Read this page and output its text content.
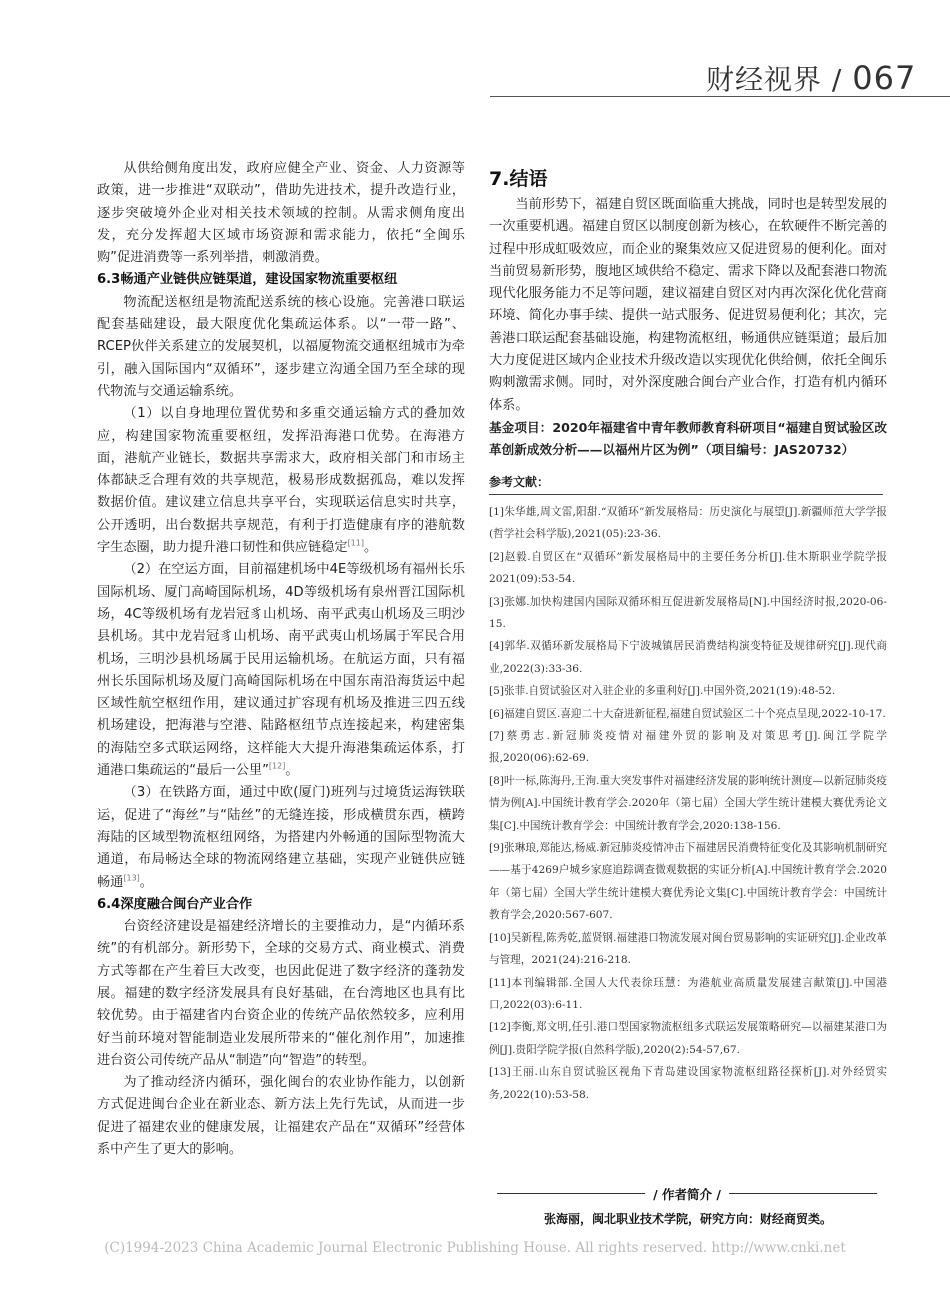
财经视界 / 067

从供给侧角度出发，政府应健全产业、资金、人力资源等政策，进一步推进“双联动”，借助先进技术，提升改造行业，逐步突破境外企业对相关技术领域的控制。从需求侧角度出发，充分发挥超大区域市场资源和需求能力，依托“全闽乐购”促进消费等一系列举措，刺激消费。

6.3畅通产业链供应链渠道，建设国家物流重要枢纽

物流配送枢纽是物流配送系统的核心设施。完善港口联运配套基础建设，最大限度优化集疏运体系。以“一带一路”、RCEP伙伴关系建立的发展契机，以福厦物流交通枢纽城市为牵引，融入国际国内“双循环”，逐步建立沟通全国乃至全球的现代物流与交通运输系统。

（1）以自身地理位置优势和多重交通运输方式的叠加效应，构建国家物流重要枢纽，发挥沿海港口优势。在海港方面，港航产业链长，数据共享需求大，政府相关部门和市场主体都缺乏合理有效的共享规范，极易形成数据孤岛，难以发挥数据价值。建议建立信息共享平台，实现联运信息实时共享，公开透明，出台数据共享规范，有利于打造健康有序的港航数字生态圈，助力提升港口韧性和供应链稳定[11]。

（2）在空运方面，目前福建机场中4E等级机场有福州长乐国际机场、厦门高崎国际机场，4D等级机场有泉州晋江国际机场，4C等级机场有龙岩冠豸山机场、南平武夷山机场及三明沙县机场。其中龙岩冠豸山机场、南平武夷山机场属于军民合用机场，三明沙县机场属于民用运输机场。在航运方面，只有福州长乐国际机场及厦门高崎国际机场在中国东南沿海货运中起区域性航空枢纽作用，建议通过扩容现有机场及推进三四五线机场建设，把海港与空港、陆路枢纽节点连接起来，构建密集的海陆空多式联运网络，这样能大大提升海港集疏运体系，打通港口集疏运的“最后一公里”[12]。

（3）在铁路方面，通过中欧(厦门)班列与过境货运海铁联运，促进了“海丝”与“陆丝”的无缝连接，形成横贯东西，横跨海陆的区域型物流枢纽网络，为搭建内外畅通的国际型物流大通道，布局畅达全球的物流网络建立基础，实现产业链供应链畅通[13]。

6.4深度融合闽台产业合作

台资经济建设是福建经济增长的主要推动力，是“内循环系统”的有机部分。新形势下，全球的交易方式、商业模式、消费方式等都在产生着巨大改变，也因此促进了数字经济的蓬勃发展。福建的数字经济发展具有良好基础，在台湾地区也具有比较优势。由于福建省内台资企业的传统产品依然较多，应利用好当前环境对智能制造业发展所带来的“催化剂作用”，加速推进台资公司传统产品从“制造”向“智造”的转型。

为了推动经济内循环，强化闽台的农业协作能力，以创新方式促进闽台企业在新业态、新方法上先行先试，从而进一步促进了福建农业的健康发展，让福建农产品在“双循环”经营体系中产生了更大的影响。

7.结语

当前形势下，福建自贸区既面临重大挑战，同时也是转型发展的一次重要机遇。福建自贸区以制度创新为核心，在软硬件不断完善的过程中形成虹吸效应，而企业的聚集效应又促进贸易的便利化。面对当前贸易新形势，腹地区域供给不稳定、需求下降以及配套港口物流现代化服务能力不足等问题，建议福建自贸区对内再次深化优化营商环境、简化办事手续、提供一站式服务、促进贸易便利化；其次，完善港口联运配套基础设施，构建物流枢纽，畅通供应链渠道；最后加大力度促进区域内企业技术升级改造以实现优化供给侧，依托全闽乐购刺激需求侧。同时，对外深度融合闽台产业合作，打造有机内循环体系。

基金项目：2020年福建省中青年教师教育科研项目“福建自贸试验区改革创新成效分析——以福州片区为例”（项目编号：JAS20732）

参考文献：

[1]朱华雄,周文雷,阳甜.“双循环”新发展格局：历史演化与展望[J].新疆师范大学学报(哲学社会科学版),2021(05):23-36.

[2]赵毅.自贸区在“双循环”新发展格局中的主要任务分析[J].佳木斯职业学院学报2021(09):53-54.

[3]张娜.加快构建国内国际双循环相互促进新发展格局[N].中国经济时报,2020-06-15.

[4]郭华.双循环新发展格局下宁波城镇居民消费结构演变特征及规律研究[J].现代商业,2022(3):33-36.

[5]张菲.自贸试验区对入驻企业的多重利好[J].中国外资,2021(19):48-52.

[6]福建自贸区.喜迎二十大奋进新征程,福建自贸试验区二十个亮点呈现,2022-10-17.

[7]蔡勇志.新冠肺炎疫情对福建外贸的影响及对策思考[J].闽江学院学报,2020(06):62-69.

[8]叶一标,陈海丹,王洵.重大突发事件对福建经济发展的影响统计测度—以新冠肺炎疫情为例[A].中国统计教育学会.2020年（第七届）全国大学生统计建模大赛优秀论文集[C].中国统计教育学会：中国统计教育学会,2020:138-156.

[9]张琳琅,郑能达,杨威.新冠肺炎疫情冲击下福建居民消费特征变化及其影响机制研究——基于4269户城乡家庭追踪调查微观数据的实证分析[A].中国统计教育学会.2020年（第七届）全国大学生统计建模大赛优秀论文集[C].中国统计教育学会：中国统计教育学会,2020:567-607.

[10]吴新程,陈秀乾,蓝贤钢.福建港口物流发展对闽台贸易影响的实证研究[J].企业改革与管理，2021(24):216-218.

[11]本刊编辑部.全国人大代表徐珏慧：为港航业高质量发展建言献策[J].中国港口,2022(03):6-11.

[12]李衡,郑文明,任引.港口型国家物流枢纽多式联运发展策略研究—以福建某港口为例[J].贵阳学院学报(自然科学版),2020(2):54-57,67.

[13]王丽.山东自贸试验区视角下青岛建设国家物流枢纽路径探析[J].对外经贸实务,2022(10):53-58.

/ 作者简介 /
张海丽，闽北职业技术学院，研究方向：财经商贸类。
(C)1994-2023 China Academic Journal Electronic Publishing House. All rights reserved. http://www.cnki.net
